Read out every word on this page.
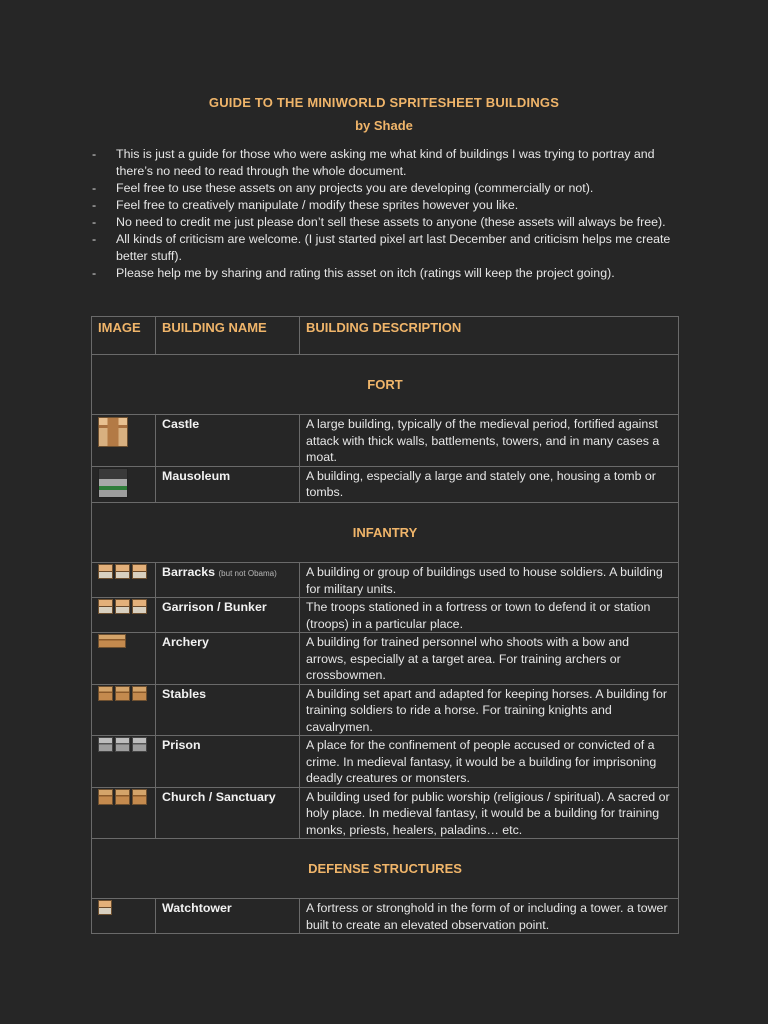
GUIDE TO THE MINIWORLD SPRITESHEET BUILDINGS
by Shade
- This is just a guide for those who were asking me what kind of buildings I was trying to portray and there’s no need to read through the whole document.
- Feel free to use these assets on any projects you are developing (commercially or not).
- Feel free to creatively manipulate / modify these sprites however you like.
- No need to credit me just please don’t sell these assets to anyone (these assets will always be free).
- All kinds of criticism are welcome. (I just started pixel art last December and criticism helps me create better stuff).
- Please help me by sharing and rating this asset on itch (ratings will keep the project going).
IMAGE	BUILDING NAME	BUILDING DESCRIPTION
FORT		
	Castle	A large building, typically of the medieval period, fortified against attack with thick walls, battlements, towers, and in many cases a moat.
	Mausoleum	A building, especially a large and stately one, housing a tomb or tombs.
INFANTRY		

	Barracks (but not Obama)	A building or group of buildings used to house soldiers. A building for military units.

	Garrison / Bunker	The troops stationed in a fortress or town to defend it or station (troops) in a particular place.

	Archery	A building for trained personnel who shoots with a bow and arrows, especially at a target area. For training archers or crossbowmen.

	Stables	A building set apart and adapted for keeping horses. A building for training soldiers to ride a horse. For training knights and cavalrymen.

	Prison	A place for the confinement of people accused or convicted of a crime. In medieval fantasy, it would be a building for imprisoning deadly creatures or monsters.

	Church / Sanctuary	A building used for public worship (religious / spiritual). A sacred or holy place. In medieval fantasy, it would be a building for training monks, priests, healers, paladins… etc.
DEFENSE STRUCTURES		

	Watchtower	A fortress or stronghold in the form of or including a tower. a tower built to create an elevated observation point.
